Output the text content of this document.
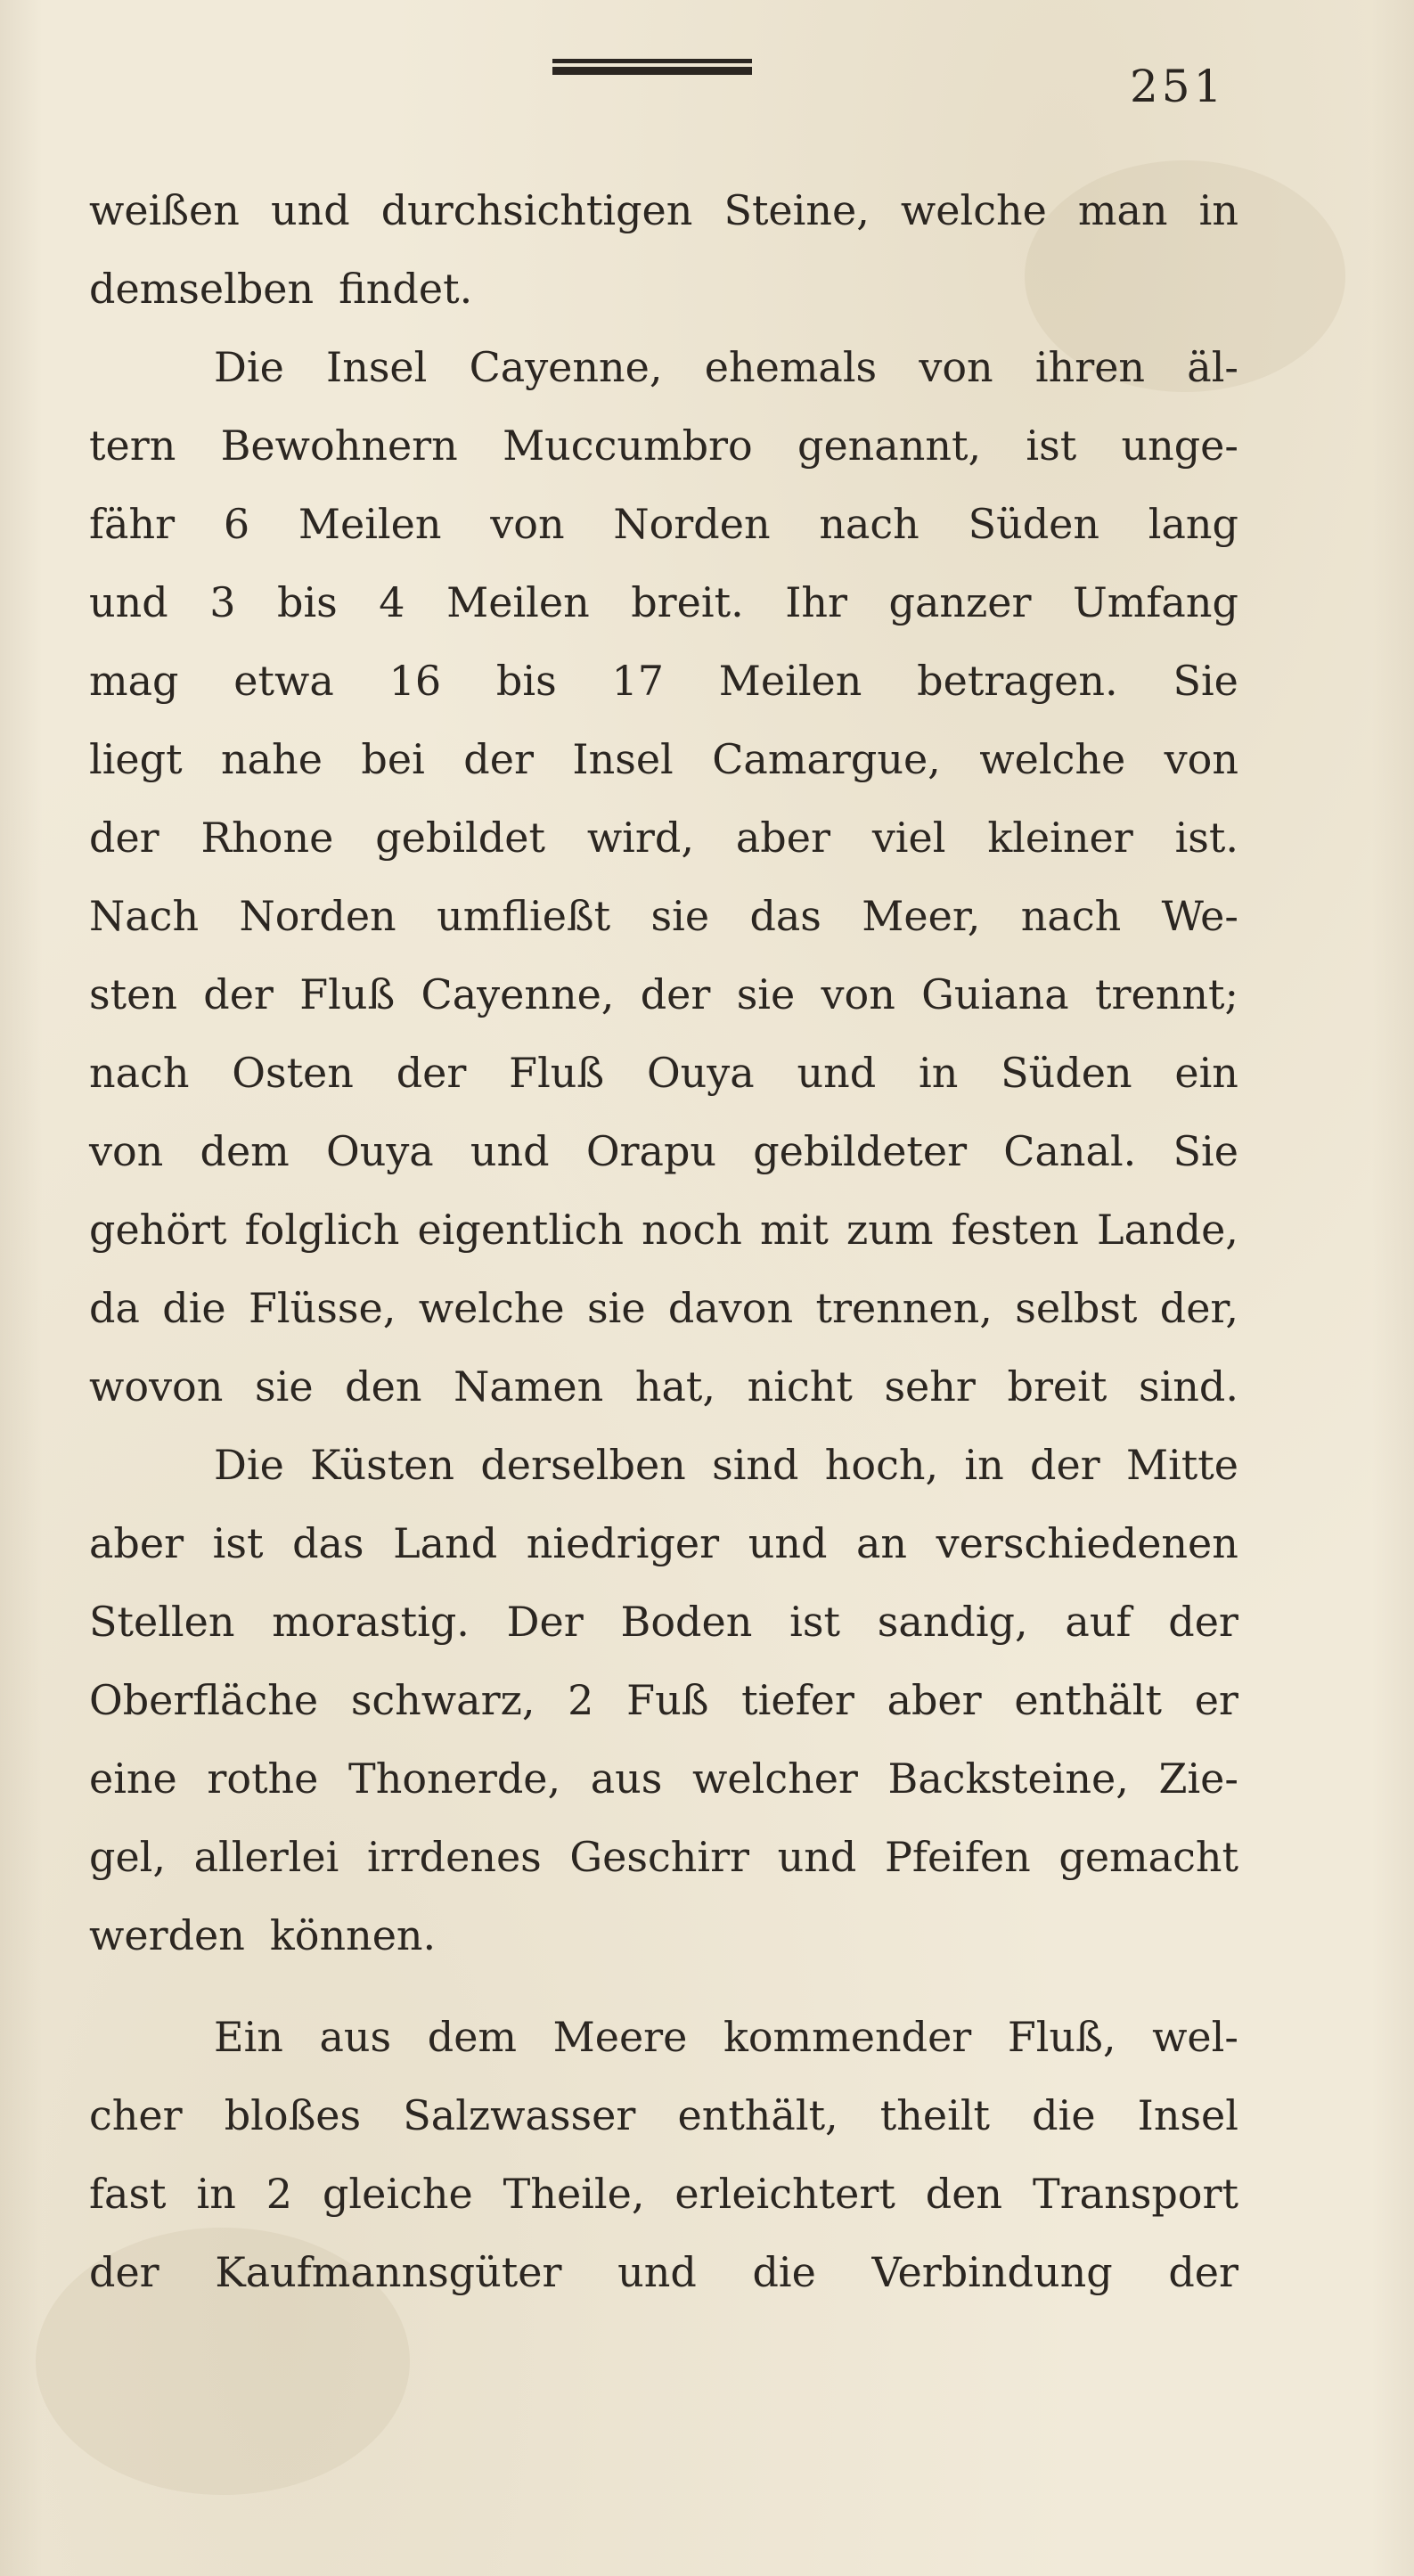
251
weißen und durchsichtigen Steine, welche man in
demselben findet.
Die Insel Cayenne, ehemals von ihren äl-
tern Bewohnern Muccumbro genannt, ist unge-
fähr 6 Meilen von Norden nach Süden lang
und 3 bis 4 Meilen breit. Ihr ganzer Umfang
mag etwa 16 bis 17 Meilen betragen. Sie
liegt nahe bei der Insel Camargue, welche von
der Rhone gebildet wird, aber viel kleiner ist.
Nach Norden umfließt sie das Meer, nach We-
sten der Fluß Cayenne, der sie von Guiana trennt;
nach Osten der Fluß Ouya und in Süden ein
von dem Ouya und Orapu gebildeter Canal. Sie
gehört folglich eigentlich noch mit zum festen Lande,
da die Flüsse, welche sie davon trennen, selbst der,
wovon sie den Namen hat, nicht sehr breit sind.
Die Küsten derselben sind hoch, in der Mitte
aber ist das Land niedriger und an verschiedenen
Stellen morastig. Der Boden ist sandig, auf der
Oberfläche schwarz, 2 Fuß tiefer aber enthält er
eine rothe Thonerde, aus welcher Backsteine, Zie-
gel, allerlei irrdenes Geschirr und Pfeifen gemacht
werden können.
Ein aus dem Meere kommender Fluß, wel-
cher bloßes Salzwasser enthält, theilt die Insel
fast in 2 gleiche Theile, erleichtert den Transport
der Kaufmannsgüter und die Verbindung der
